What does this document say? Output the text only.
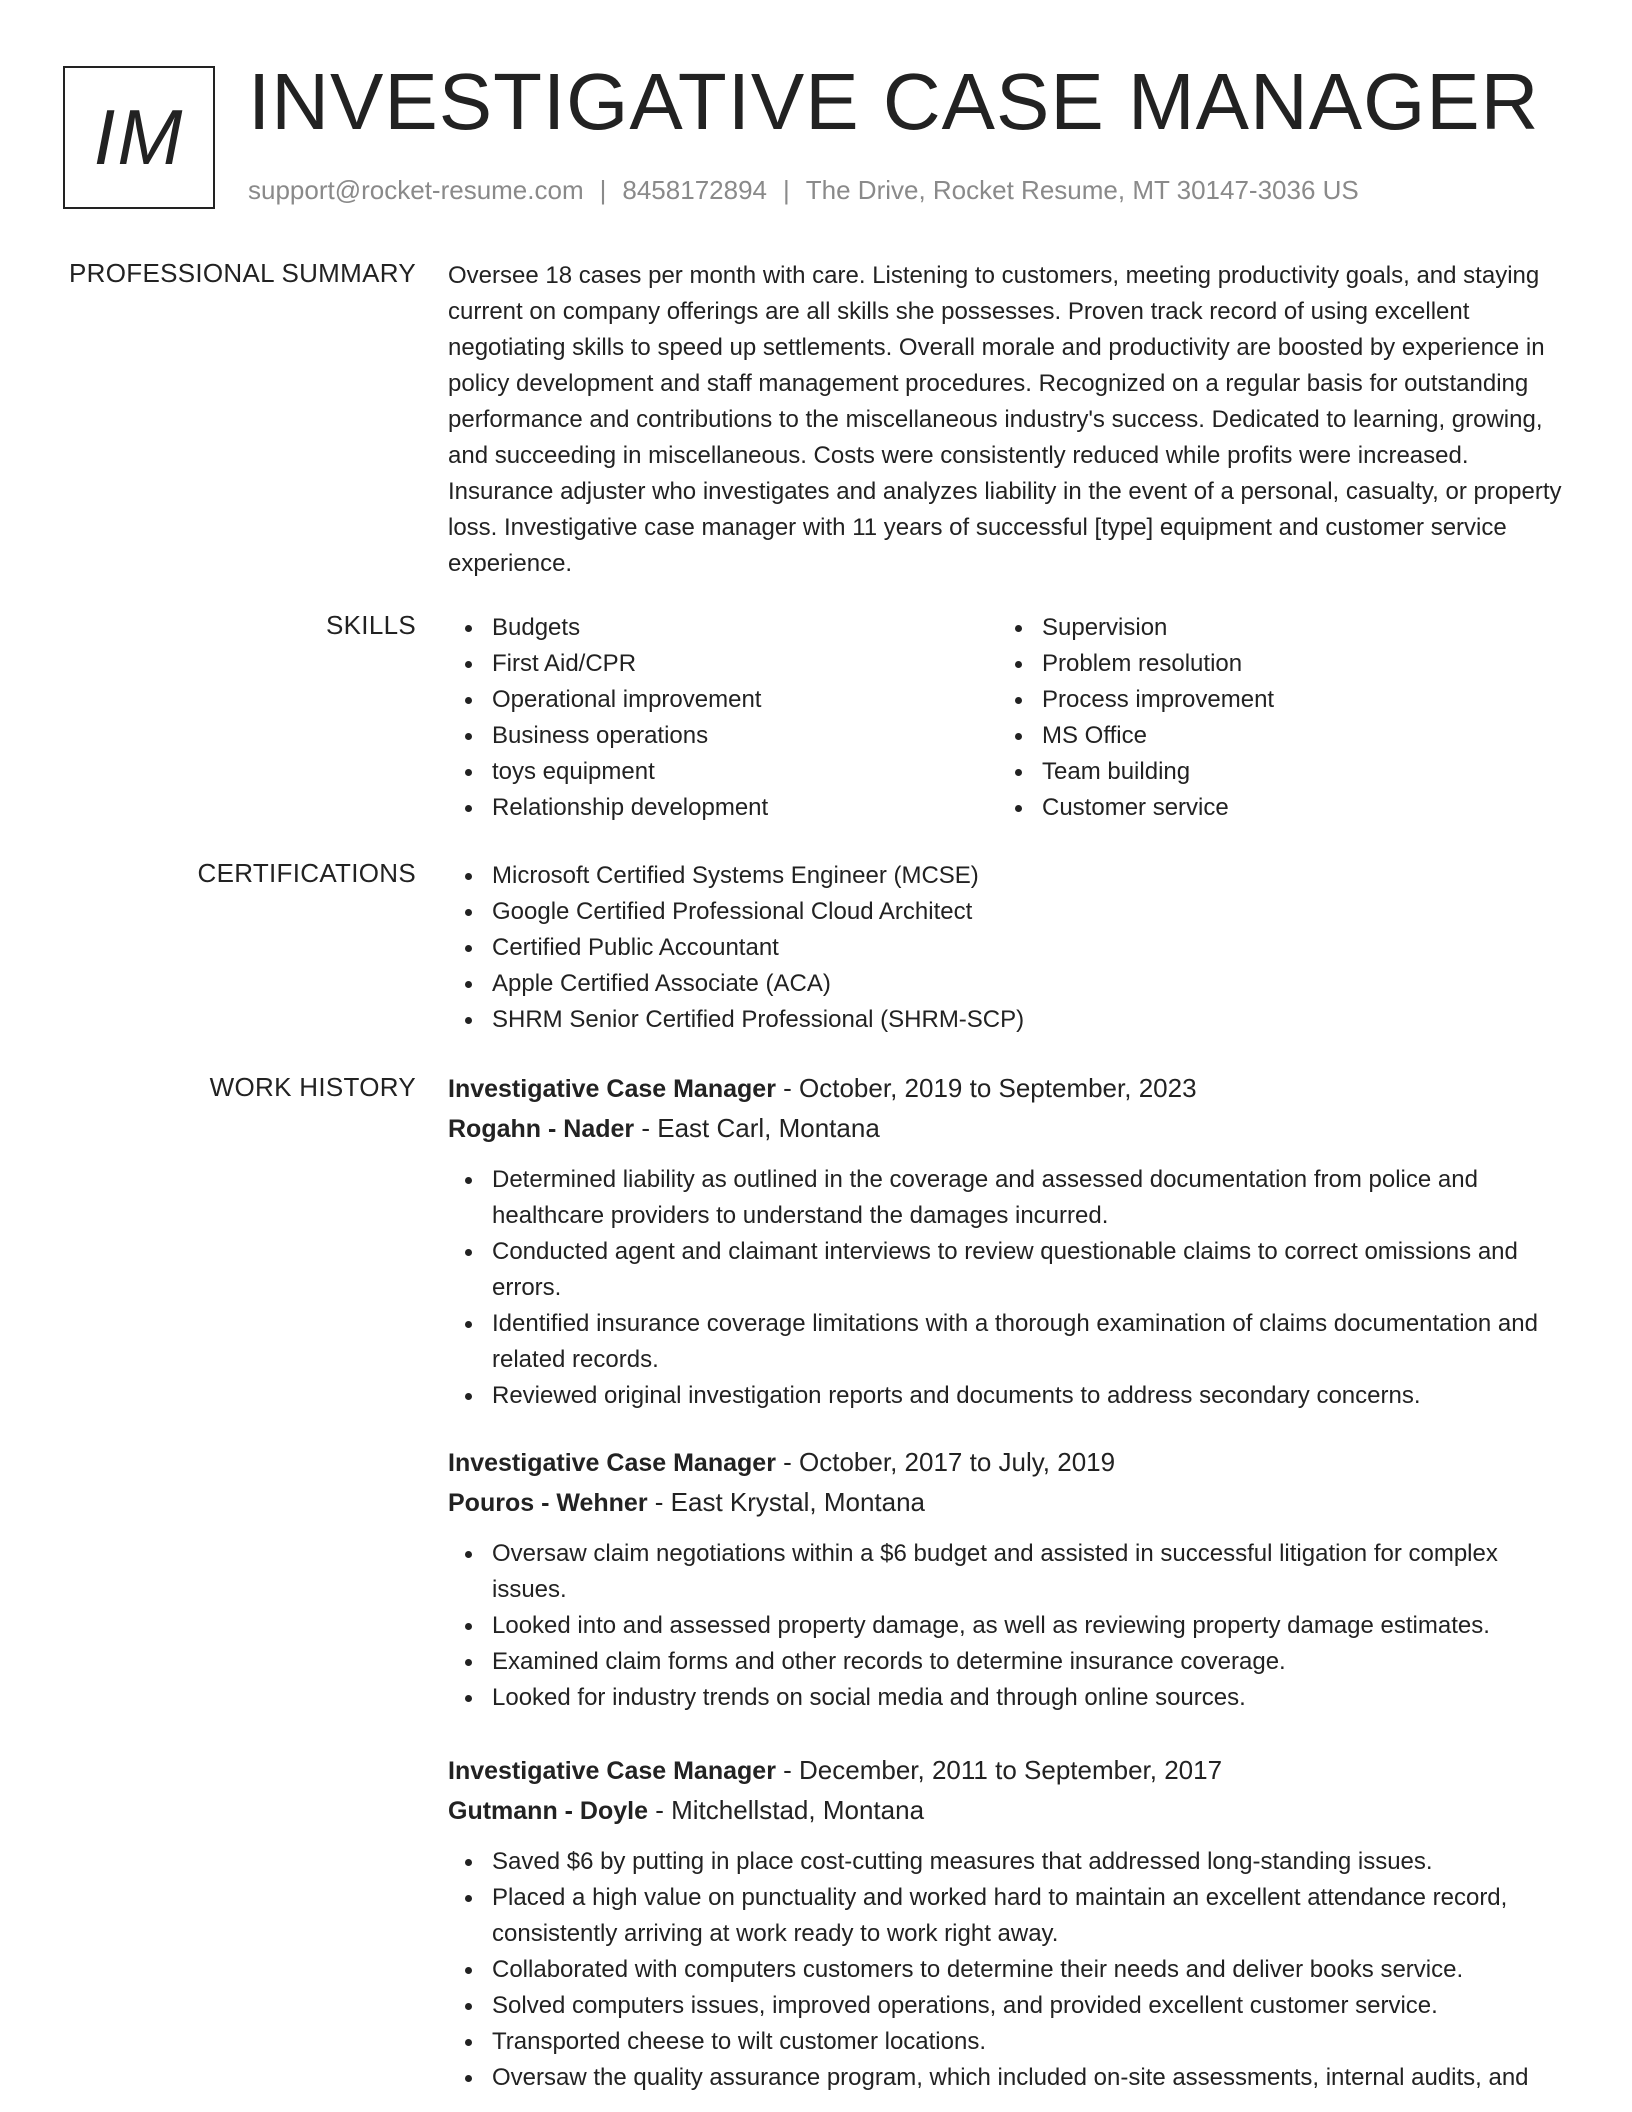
IM INVESTIGATIVE CASE MANAGER
support@rocket-resume.com | 8458172894 | The Drive, Rocket Resume, MT 30147-3036 US
PROFESSIONAL SUMMARY Oversee 18 cases per month with care. Listening to customers, meeting productivity goals, and staying current on company offerings are all skills she possesses. Proven track record of using excellent negotiating skills to speed up settlements. Overall morale and productivity are boosted by experience in policy development and staff management procedures. Recognized on a regular basis for outstanding performance and contributions to the miscellaneous industry's success. Dedicated to learning, growing, and succeeding in miscellaneous. Costs were consistently reduced while profits were increased. Insurance adjuster who investigates and analyzes liability in the event of a personal, casualty, or property loss. Investigative case manager with 11 years of successful [type] equipment and customer service experience.

SKILLS	Budgets
First Aid/CPR
Operational improvement
Business operations
toys equipment
Relationship development
Supervision
Problem resolution
Process improvement
MS Office
Team building
Customer service
CERTIFICATIONS	Microsoft Certified Systems Engineer (MCSE)
Google Certified Professional Cloud Architect
Certified Public Accountant
Apple Certified Associate (ACA)
SHRM Senior Certified Professional (SHRM-SCP)
WORK HISTORY Investigative Case Manager - October, 2019 to September, 2023
Rogahn - Nader - East Carl, Montana
Determined liability as outlined in the coverage and assessed documentation from police and healthcare providers to understand the damages incurred.
Conducted agent and claimant interviews to review questionable claims to correct omissions and errors.
Identified insurance coverage limitations with a thorough examination of claims documentation and related records.
Reviewed original investigation reports and documents to address secondary concerns.
Investigative Case Manager - October, 2017 to July, 2019
Pouros - Wehner - East Krystal, Montana
Oversaw claim negotiations within a $6 budget and assisted in successful litigation for complex issues.
Looked into and assessed property damage, as well as reviewing property damage estimates.
Examined claim forms and other records to determine insurance coverage.
Looked for industry trends on social media and through online sources.
Investigative Case Manager - December, 2011 to September, 2017
Gutmann - Doyle - Mitchellstad, Montana
Saved $6 by putting in place cost-cutting measures that addressed long-standing issues.
Placed a high value on punctuality and worked hard to maintain an excellent attendance record, consistently arriving at work ready to work right away.
Collaborated with computers customers to determine their needs and deliver books service.
Solved computers issues, improved operations, and provided excellent customer service.
Transported cheese to wilt customer locations.
Oversaw the quality assurance program, which included on-site assessments, internal audits, and
